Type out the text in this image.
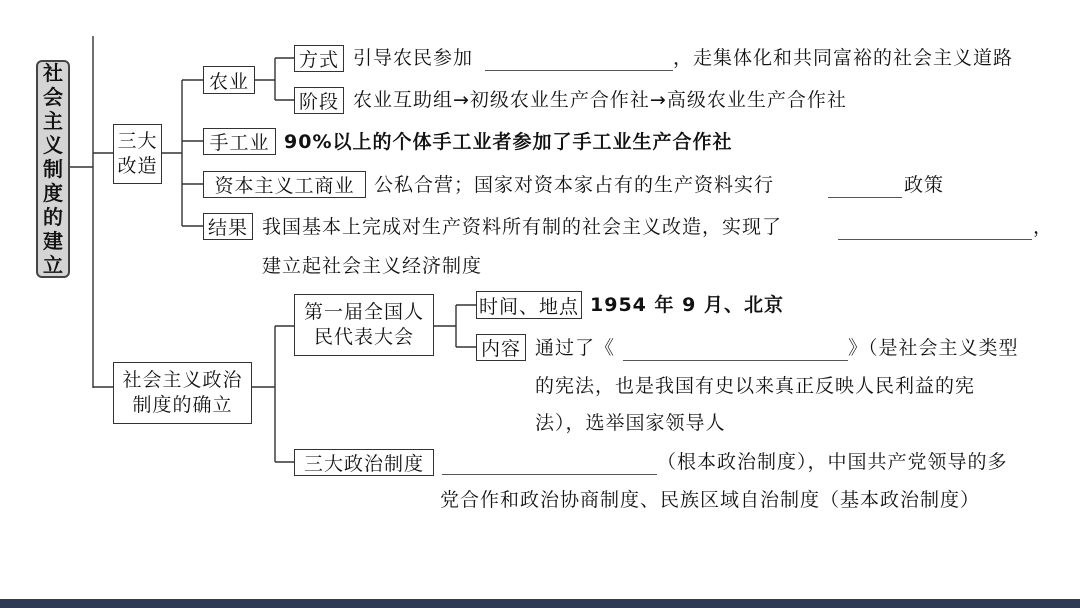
社
会
主
义
制
度
的
建
立
三大
改造
农业
方式 引导农民参加	，走集体化和共同富裕的社会主义道路
阶段 农业互助组→初级农业生产合作社→高级农业生产合作社
手工业 90%以上的个体手工业者参加了手工业生产合作社
资本主义工商业	公私合营；国家对资本家占有的生产资料实行	政策
结果 我国基本上完成对生产资料所有制的社会主义改造，实现了	，
建立起社会主义经济制度
社会主义政治
制度的确立
第一届全国人
民代表大会
时间、地点 1954 年 9 月、北京
内容 通过了《	》（是社会主义类型
的宪法，也是我国有史以来真正反映人民利益的宪
法），选举国家领导人
三大政治制度	（根本政治制度），中国共产党领导的多
党合作和政治协商制度、民族区域自治制度（基本政治制度）
